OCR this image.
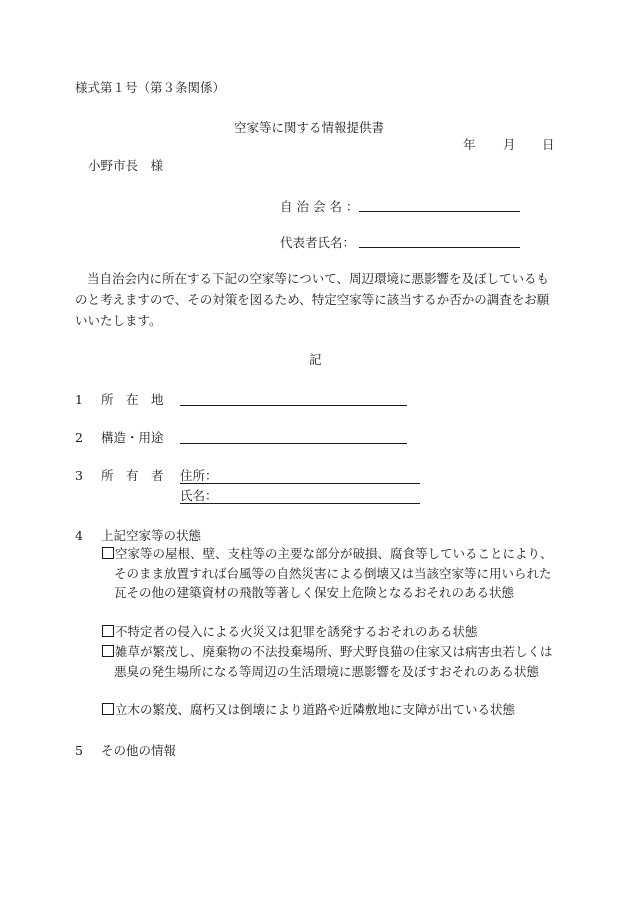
様式第１号（第３条関係）
空家等に関する情報提供書
年 月 日
小野市長　様
自 治 会 名 ：
代表者氏名：
当自治会内に所在する下記の空家等について、周辺環境に悪影響を及ぼしているものと考えますので、その対策を図るため、特定空家等に該当するか否かの調査をお願いいたします。
記
1 所　在　地
2 構造・用途
3 所　有　者 住所：
氏名：
4 上記空家等の状態
空家等の屋根、壁、支柱等の主要な部分が破損、腐食等していることにより、そのまま放置すれば台風等の自然災害による倒壊又は当該空家等に用いられた瓦その他の建築資材の飛散等著しく保安上危険となるおそれのある状態
不特定者の侵入による火災又は犯罪を誘発するおそれのある状態
雑草が繁茂し、廃棄物の不法投棄場所、野犬野良猫の住家又は病害虫若しくは悪臭の発生場所になる等周辺の生活環境に悪影響を及ぼすおそれのある状態
立木の繁茂、腐朽又は倒壊により道路や近隣敷地に支障が出ている状態
5 その他の情報
